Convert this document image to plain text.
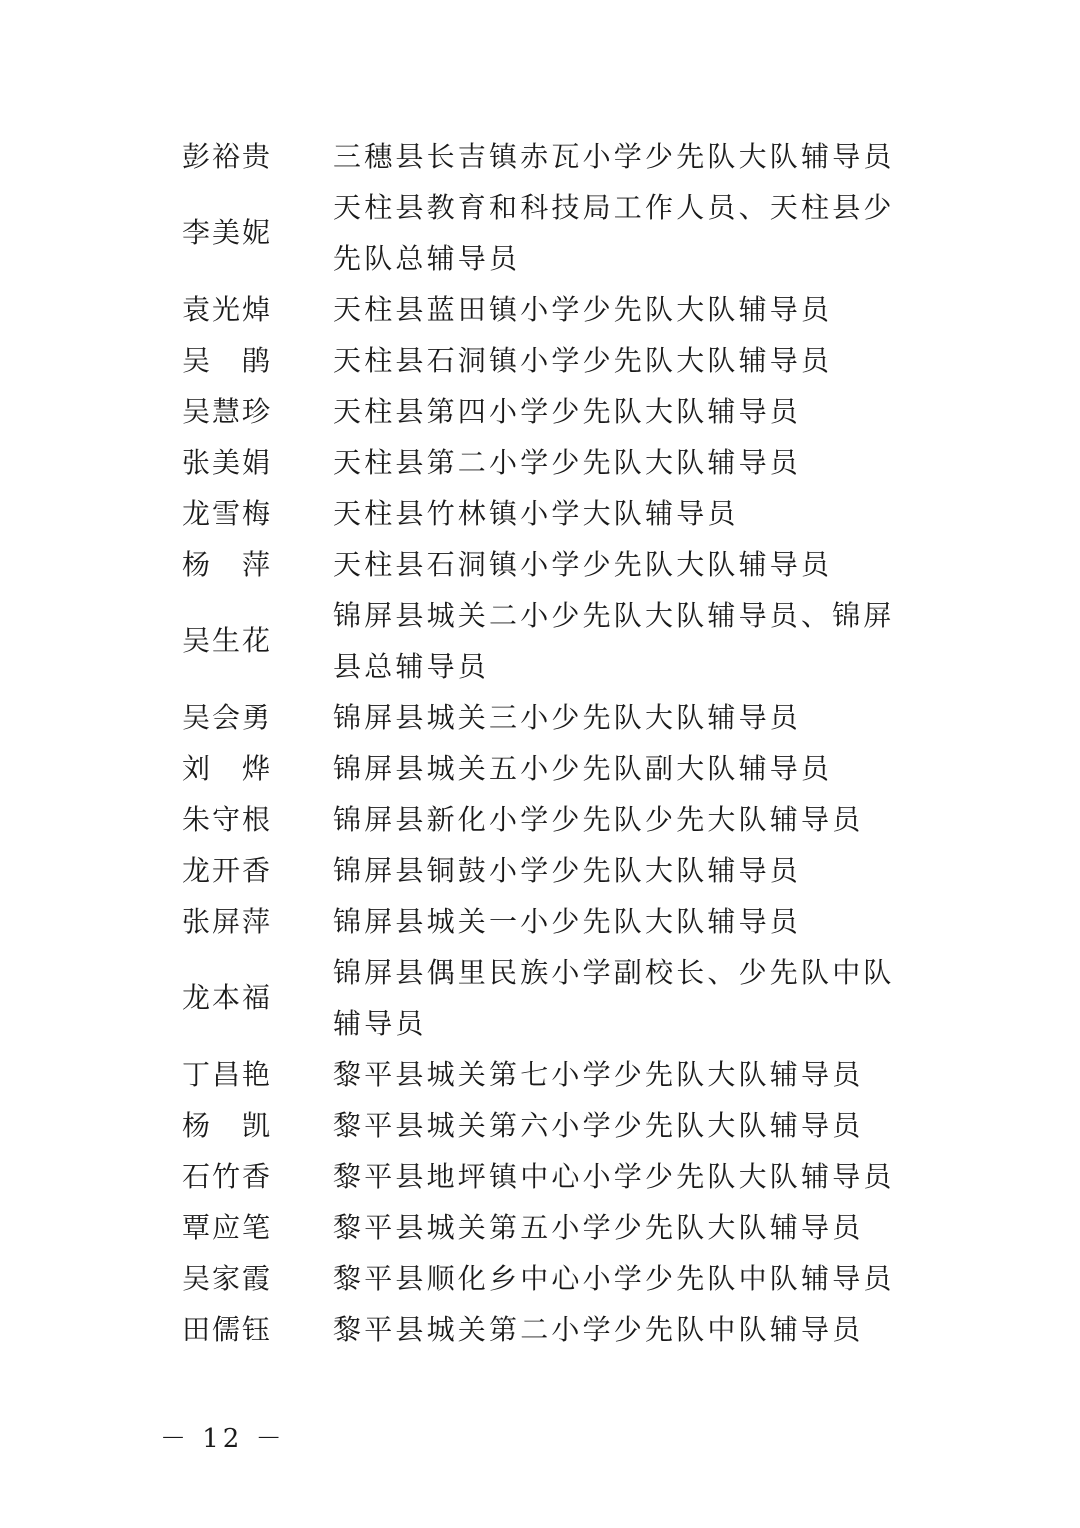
彭裕贵 三穗县长吉镇赤瓦小学少先队大队辅导员
李美妮
天柱县教育和科技局工作人员、天柱县少先队总辅导员
袁光焯 天柱县蓝田镇小学少先队大队辅导员
吴　鹃 天柱县石洞镇小学少先队大队辅导员
吴慧珍 天柱县第四小学少先队大队辅导员
张美娟 天柱县第二小学少先队大队辅导员
龙雪梅 天柱县竹林镇小学大队辅导员
杨　萍 天柱县石洞镇小学少先队大队辅导员
吴生花
锦屏县城关二小少先队大队辅导员、锦屏县总辅导员
吴会勇 锦屏县城关三小少先队大队辅导员
刘　烨 锦屏县城关五小少先队副大队辅导员
朱守根 锦屏县新化小学少先队少先大队辅导员
龙开香 锦屏县铜鼓小学少先队大队辅导员
张屏萍 锦屏县城关一小少先队大队辅导员
龙本福
锦屏县偶里民族小学副校长、少先队中队辅导员
丁昌艳 黎平县城关第七小学少先队大队辅导员
杨　凯 黎平县城关第六小学少先队大队辅导员
石竹香 黎平县地坪镇中心小学少先队大队辅导员
覃应笔 黎平县城关第五小学少先队大队辅导员
吴家霞 黎平县顺化乡中心小学少先队中队辅导员
田儒钰 黎平县城关第二小学少先队中队辅导员
－ 12 －
